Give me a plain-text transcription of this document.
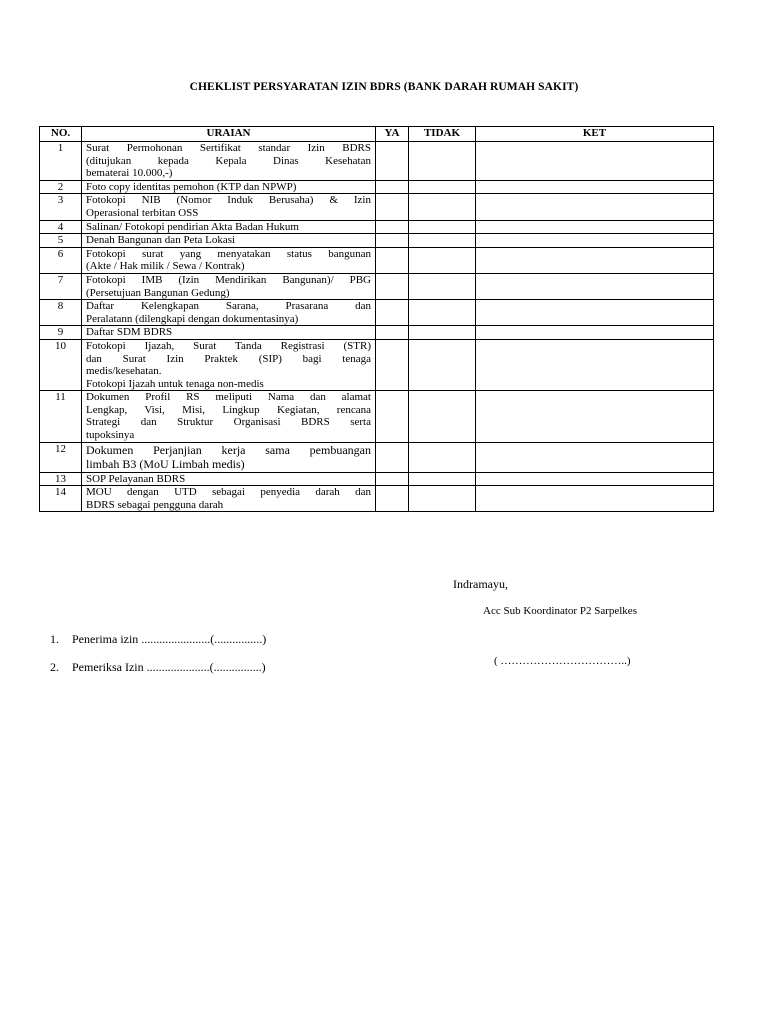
CHEKLIST PERSYARATAN IZIN BDRS (BANK DARAH RUMAH SAKIT)
NO.	URAIAN	YA	TIDAK	KET
1	Surat Permohonan Sertifikat standar Izin BDRS
(ditujukan kepada Kepala Dinas Kesehatan
bematerai 10.000,-)			

2	Foto copy identitas pemohon (KTP dan NPWP)			

3	Fotokopi NIB (Nomor Induk Berusaha) & Izin
Operasional terbitan OSS			

4	Salinan/ Fotokopi pendirian Akta Badan Hukum			

5	Denah Bangunan dan Peta Lokasi			

6	Fotokopi surat yang menyatakan status bangunan
(Akte / Hak milik / Sewa / Kontrak)			

7	Fotokopi IMB (Izin Mendirikan Bangunan)/ PBG
(Persetujuan Bangunan Gedung)			

8	Daftar Kelengkapan Sarana, Prasarana dan
Peralatann (dilengkapi dengan dokumentasinya)			

9	Daftar SDM BDRS			

10	Fotokopi Ijazah, Surat Tanda Registrasi (STR)
dan Surat Izin Praktek (SIP) bagi tenaga
medis/kesehatan.
Fotokopi Ijazah untuk tenaga non-medis			

11	Dokumen Profil RS meliputi Nama dan alamat
Lengkap, Visi, Misi, Lingkup Kegiatan, rencana
Strategi dan Struktur Organisasi BDRS serta
tupoksinya			

12	Dokumen Perjanjian kerja sama pembuangan
limbah B3 (MoU Limbah medis)			

13	SOP Pelayanan BDRS			

14	MOU dengan UTD sebagai penyedia darah dan
BDRS sebagai pengguna darah			

Indramayu,
Acc Sub Koordinator P2 Sarpelkes
( ……………………………..)
1. Penerima izin .......................(................)
2. Pemeriksa Izin .....................(................)
